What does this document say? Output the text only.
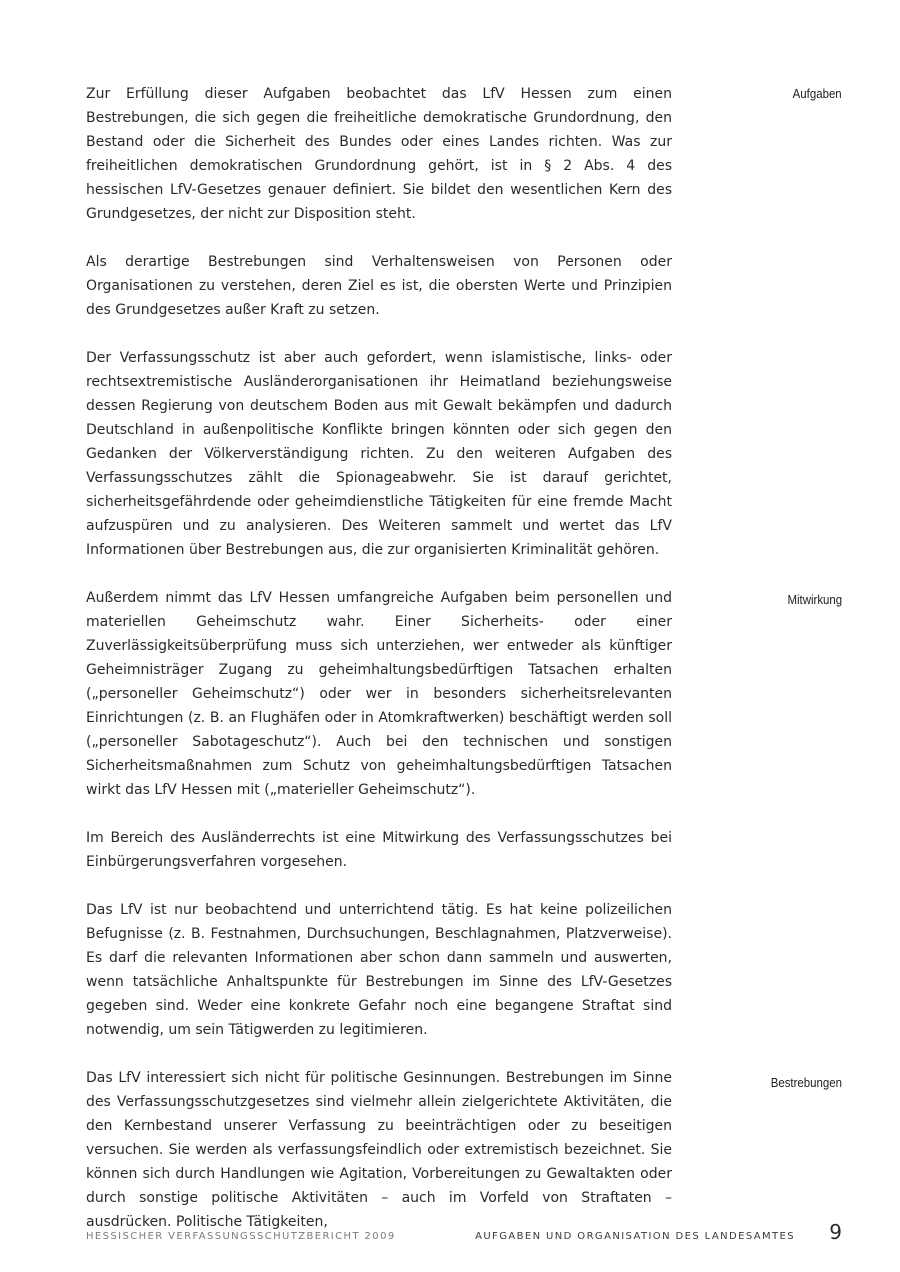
Zur Erfüllung dieser Aufgaben beobachtet das LfV Hessen zum einen Bestrebungen, die sich gegen die freiheitliche demokratische Grundordnung, den Bestand oder die Sicherheit des Bundes oder eines Landes richten. Was zur freiheitlichen demokratischen Grundordnung gehört, ist in § 2 Abs. 4 des hessischen LfV-Gesetzes genauer definiert. Sie bildet den wesentlichen Kern des Grundgesetzes, der nicht zur Disposition steht.

Als derartige Bestrebungen sind Verhaltensweisen von Personen oder Organisationen zu verstehen, deren Ziel es ist, die obersten Werte und Prinzipien des Grundgesetzes außer Kraft zu setzen.

Der Verfassungsschutz ist aber auch gefordert, wenn islamistische, links- oder rechtsextremistische Ausländerorganisationen ihr Heimatland beziehungsweise dessen Regierung von deutschem Boden aus mit Gewalt bekämpfen und dadurch Deutschland in außenpolitische Konflikte bringen könnten oder sich gegen den Gedanken der Völkerverständigung richten. Zu den weiteren Aufgaben des Verfassungsschutzes zählt die Spionageabwehr. Sie ist darauf gerichtet, sicherheitsgefährdende oder geheimdienstliche Tätigkeiten für eine fremde Macht aufzuspüren und zu analysieren. Des Weiteren sammelt und wertet das LfV Informationen über Bestrebungen aus, die zur organisierten Kriminalität gehören.

Außerdem nimmt das LfV Hessen umfangreiche Aufgaben beim personellen und materiellen Geheimschutz wahr. Einer Sicherheits- oder einer Zuverlässigkeitsüberprüfung muss sich unterziehen, wer entweder als künftiger Geheimnisträger Zugang zu geheimhaltungsbedürftigen Tatsachen erhalten („personeller Geheimschutz“) oder wer in besonders sicherheitsrelevanten Einrichtungen (z. B. an Flughäfen oder in Atomkraftwerken) beschäftigt werden soll („personeller Sabotageschutz“). Auch bei den technischen und sonstigen Sicherheitsmaßnahmen zum Schutz von geheimhaltungsbedürftigen Tatsachen wirkt das LfV Hessen mit („materieller Geheimschutz“).

Im Bereich des Ausländerrechts ist eine Mitwirkung des Verfassungsschutzes bei Einbürgerungsverfahren vorgesehen.

Das LfV ist nur beobachtend und unterrichtend tätig. Es hat keine polizeilichen Befugnisse (z. B. Festnahmen, Durchsuchungen, Beschlagnahmen, Platzverweise). Es darf die relevanten Informationen aber schon dann sammeln und auswerten, wenn tatsächliche Anhaltspunkte für Bestrebungen im Sinne des LfV-Gesetzes gegeben sind. Weder eine konkrete Gefahr noch eine begangene Straftat sind notwendig, um sein Tätigwerden zu legitimieren.

Das LfV interessiert sich nicht für politische Gesinnungen. Bestrebungen im Sinne des Verfassungsschutzgesetzes sind vielmehr allein zielgerichtete Aktivitäten, die den Kernbestand unserer Verfassung zu beeinträchtigen oder zu beseitigen versuchen. Sie werden als verfassungsfeindlich oder extremistisch bezeichnet. Sie können sich durch Handlungen wie Agitation, Vorbereitungen zu Gewaltakten oder durch sonstige politische Aktivitäten – auch im Vorfeld von Straftaten – ausdrücken. Politische Tätigkeiten,

Aufgaben
Mitwirkung
Bestrebungen
HESSISCHER VERFASSUNGSSCHUTZBERICHT 2009	AUFGABEN UND ORGANISATION DES LANDESAMTES 9
